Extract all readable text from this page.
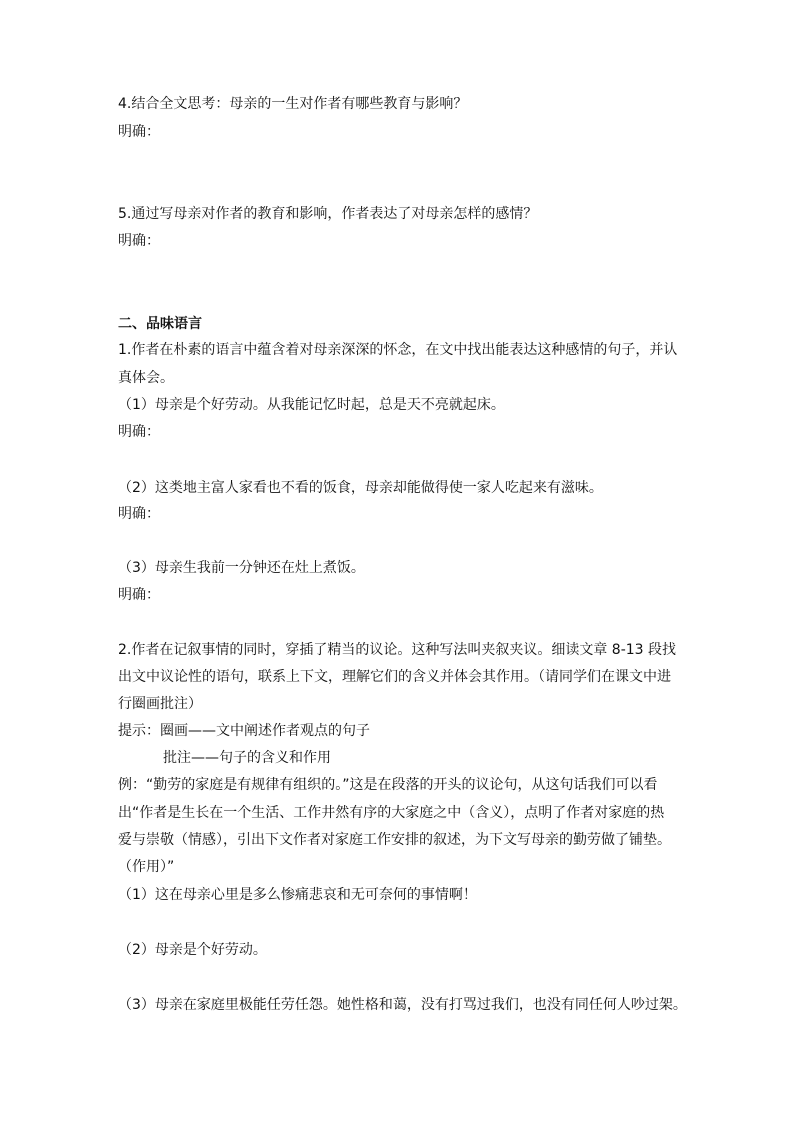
4.结合全文思考：母亲的一生对作者有哪些教育与影响？
明确：
5.通过写母亲对作者的教育和影响，作者表达了对母亲怎样的感情？
明确：
二、品味语言
1.作者在朴素的语言中蕴含着对母亲深深的怀念，在文中找出能表达这种感情的句子，并认
真体会。
（1）母亲是个好劳动。从我能记忆时起，总是天不亮就起床。
明确：
（2）这类地主富人家看也不看的饭食，母亲却能做得使一家人吃起来有滋味。
明确：
（3）母亲生我前一分钟还在灶上煮饭。
明确：
2.作者在记叙事情的同时，穿插了精当的议论。这种写法叫夹叙夹议。细读文章 8-13 段找
出文中议论性的语句，联系上下文，理解它们的含义并体会其作用。（请同学们在课文中进
行圈画批注）
提示：圈画——文中阐述作者观点的句子
批注——句子的含义和作用
例：“勤劳的家庭是有规律有组织的。”这是在段落的开头的议论句，从这句话我们可以看
出“作者是生长在一个生活、工作井然有序的大家庭之中（含义），点明了作者对家庭的热
爱与崇敬（情感），引出下文作者对家庭工作安排的叙述，为下文写母亲的勤劳做了铺垫。
（作用）”
（1）这在母亲心里是多么惨痛悲哀和无可奈何的事情啊！
（2）母亲是个好劳动。
（3）母亲在家庭里极能任劳任怨。她性格和蔼，没有打骂过我们，也没有同任何人吵过架。
